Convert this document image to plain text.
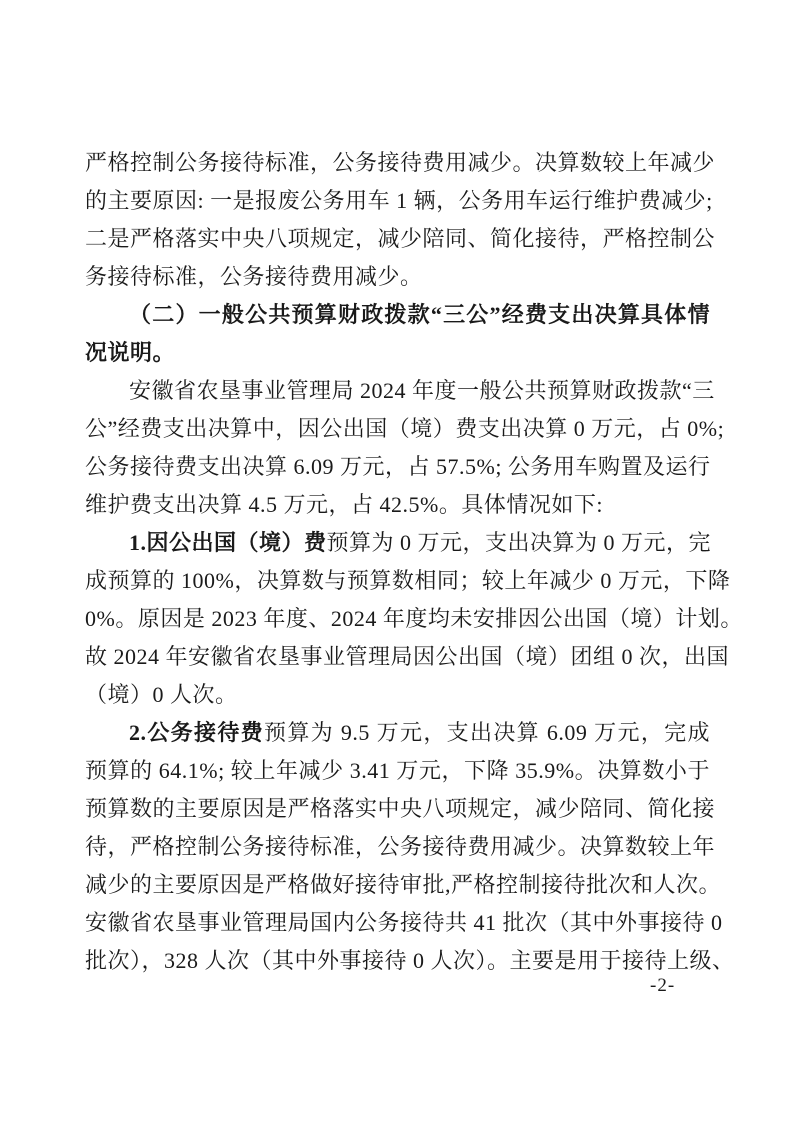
严格控制公务接待标准，公务接待费用减少。决算数较上年减少
的主要原因: 一是报废公务用车 1 辆，公务用车运行维护费减少;
二是严格落实中央八项规定，减少陪同、简化接待，严格控制公
务接待标准，公务接待费用减少。
（二）一般公共预算财政拨款“三公”经费支出决算具体情
况说明。
安徽省农垦事业管理局 2024 年度一般公共预算财政拨款“三
公”经费支出决算中，因公出国（境）费支出决算 0 万元，占 0%;
公务接待费支出决算 6.09 万元，占 57.5%; 公务用车购置及运行
维护费支出决算 4.5 万元，占 42.5%。具体情况如下:
1.因公出国（境）费预算为 0 万元，支出决算为 0 万元，完
成预算的 100%，决算数与预算数相同；较上年减少 0 万元，下降
0%。原因是 2023 年度、2024 年度均未安排因公出国（境）计划。
故 2024 年安徽省农垦事业管理局因公出国（境）团组 0 次，出国
（境）0 人次。
2.公务接待费预算为 9.5 万元，支出决算 6.09 万元，完成
预算的 64.1%; 较上年减少 3.41 万元，下降 35.9%。决算数小于
预算数的主要原因是严格落实中央八项规定，减少陪同、简化接
待，严格控制公务接待标准，公务接待费用减少。决算数较上年
减少的主要原因是严格做好接待审批,严格控制接待批次和人次。
安徽省农垦事业管理局国内公务接待共 41 批次（其中外事接待 0
批次），328 人次（其中外事接待 0 人次）。主要是用于接待上级、
-2-
